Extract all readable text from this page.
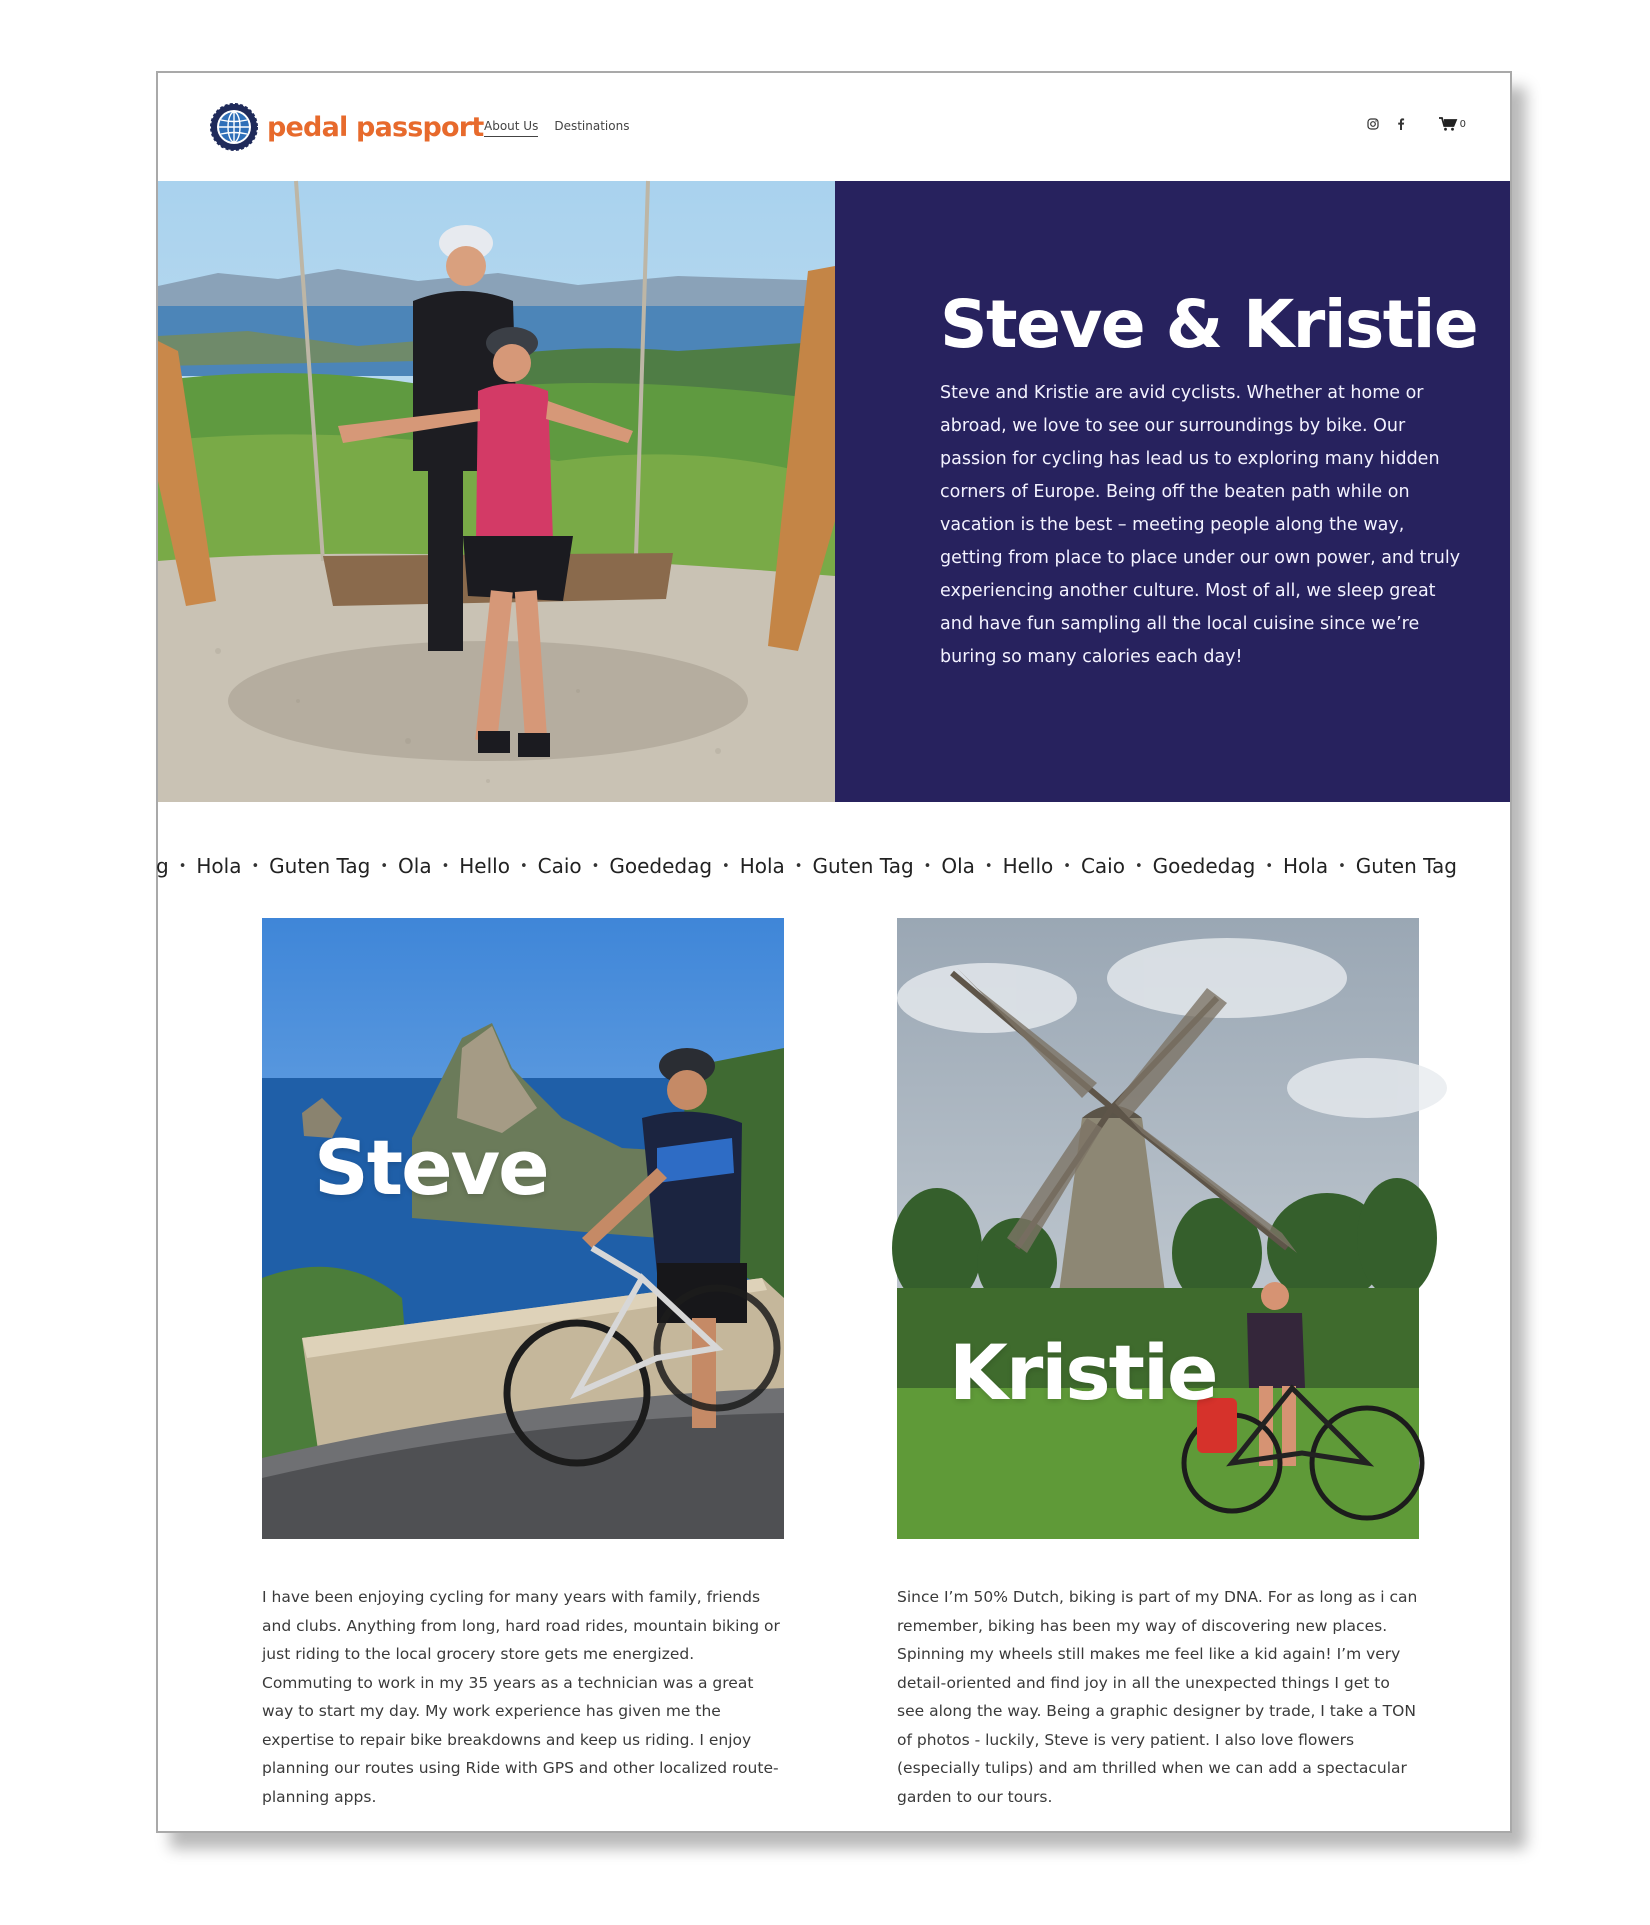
pedal passport About Us Destinations	0
Steve & Kristie

Steve and Kristie are avid cyclists. Whether at home or abroad, we love to see our surroundings by bike. Our passion for cycling has lead us to exploring many hidden corners of Europe. Being off the beaten path while on vacation is the best – meeting people along the way, getting from place to place under our own power, and truly experiencing another culture. Most of all, we sleep great and have fun sampling all the local cuisine since we’re buring so many calories each day!

g • Hola • Guten Tag • Ola • Hello • Caio • Goededag • Hola • Guten Tag • Ola • Hello • Caio • Goededag • Hola • Guten Tag
Steve

I have been enjoying cycling for many years with family, friends and clubs. Anything from long, hard road rides, mountain biking or just riding to the local grocery store gets me energized. Commuting to work in my 35 years as a technician was a great way to start my day. My work experience has given me the expertise to repair bike breakdowns and keep us riding. I enjoy planning our routes using Ride with GPS and other localized route-planning apps.

Kristie

Since I’m 50% Dutch, biking is part of my DNA. For as long as i can remember, biking has been my way of discovering new places. Spinning my wheels still makes me feel like a kid again! I’m very detail-oriented and find joy in all the unexpected things I get to see along the way. Being a graphic designer by trade, I take a TON of photos - luckily, Steve is very patient. I also love flowers (especially tulips) and am thrilled when we can add a spectacular garden to our tours.
